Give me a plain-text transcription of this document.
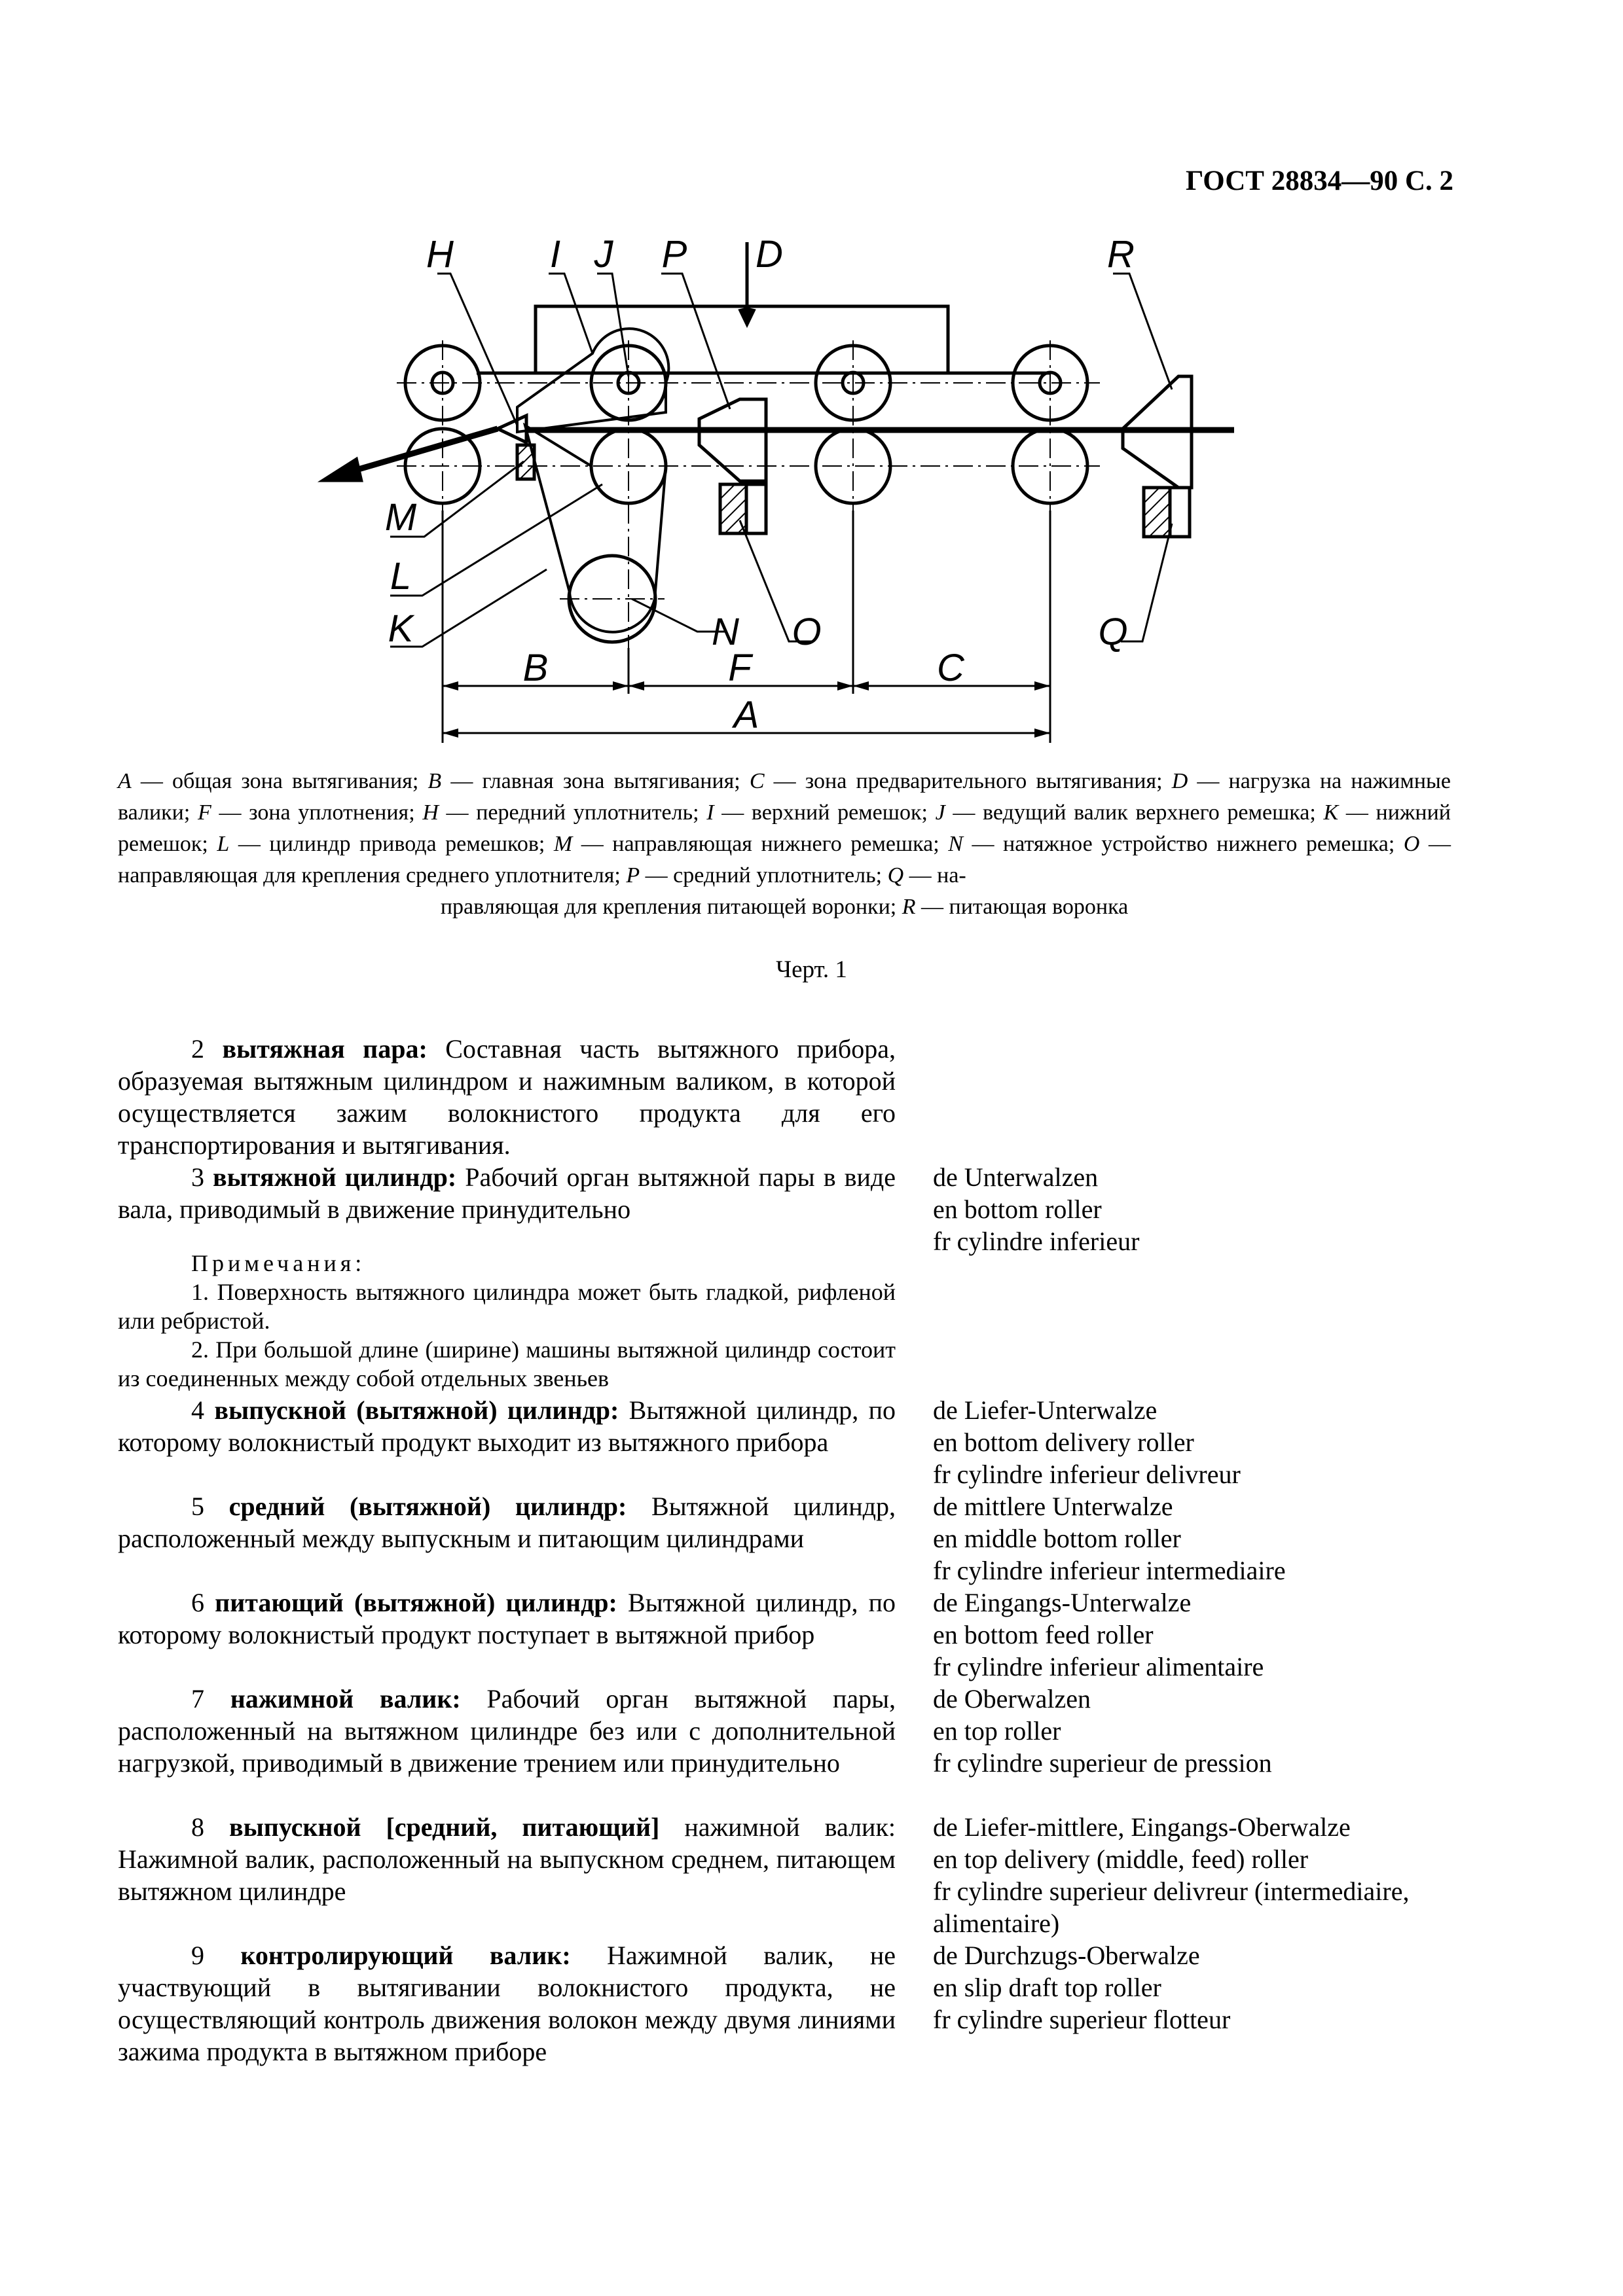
ГОСТ 28834—90 С. 2
H	I J P D	R
M
L
K	N O	Q
B	F	C
A
A — общая зона вытягивания; B — главная зона вытягивания; C — зона предварительного вытягивания; D — нагрузка на нажимные валики; F — зона уплотнения; H — передний уплотнитель; I — верхний ремешок; J — ведущий валик верхнего ремешка; K — нижний ремешок; L — цилиндр привода ремешков; M — направляющая нижнего ремешка; N — натяжное устройство нижнего ремешка; O — направляющая для крепления среднего уплотнителя; P — средний уплотнитель; Q — на-
правляющая для крепления питающей воронки; R — питающая воронка
Черт. 1
2 вытяжная пара: Составная часть вытяжного прибора, образуемая вытяжным цилиндром и нажимным валиком, в которой осуществляется зажим волокнистого продукта для его транспортирования и вытягивания.
3 вытяжной цилиндр: Рабочий орган вытяжной пары в виде вала, приводимый в движение принудительно
de Unterwalzen
en bottom roller
fr cylindre inferieur
Примечания:
1. Поверхность вытяжного цилиндра может быть гладкой, рифленой или ребристой.
2. При большой длине (ширине) машины вытяжной цилиндр состоит из соединенных между собой отдельных звеньев
4 выпускной (вытяжной) цилиндр: Вытяжной цилиндр, по которому волокнистый продукт выходит из вытяжного прибора
de Liefer-Unterwalze
en bottom delivery roller
fr cylindre inferieur delivreur
5 средний (вытяжной) цилиндр: Вытяжной цилиндр, расположенный между выпускным и питающим цилиндрами
de mittlere Unterwalze
en middle bottom roller
fr cylindre inferieur intermediaire
6 питающий (вытяжной) цилиндр: Вытяжной цилиндр, по которому волокнистый продукт поступает в вытяжной прибор
de Eingangs-Unterwalze
en bottom feed roller
fr cylindre inferieur alimentaire
7 нажимной валик: Рабочий орган вытяжной пары, расположенный на вытяжном цилиндре без или с дополнительной нагрузкой, приводимый в движение трением или принудительно
de Oberwalzen
en top roller
fr cylindre superieur de pression
8 выпускной [средний, питающий] нажимной валик: Нажимной валик, расположенный на выпускном среднем, питающем вытяжном цилиндре
de Liefer-mittlere, Eingangs-Oberwalze
en top delivery (middle, feed) roller
fr cylindre superieur delivreur (intermediaire, alimentaire)
9 контролирующий валик: Нажимной валик, не участвующий в вытягивании волокнистого продукта, не осуществляющий контроль движения волокон между двумя линиями зажима продукта в вытяжном приборе
de Durchzugs-Oberwalze
en slip draft top roller
fr cylindre superieur flotteur
